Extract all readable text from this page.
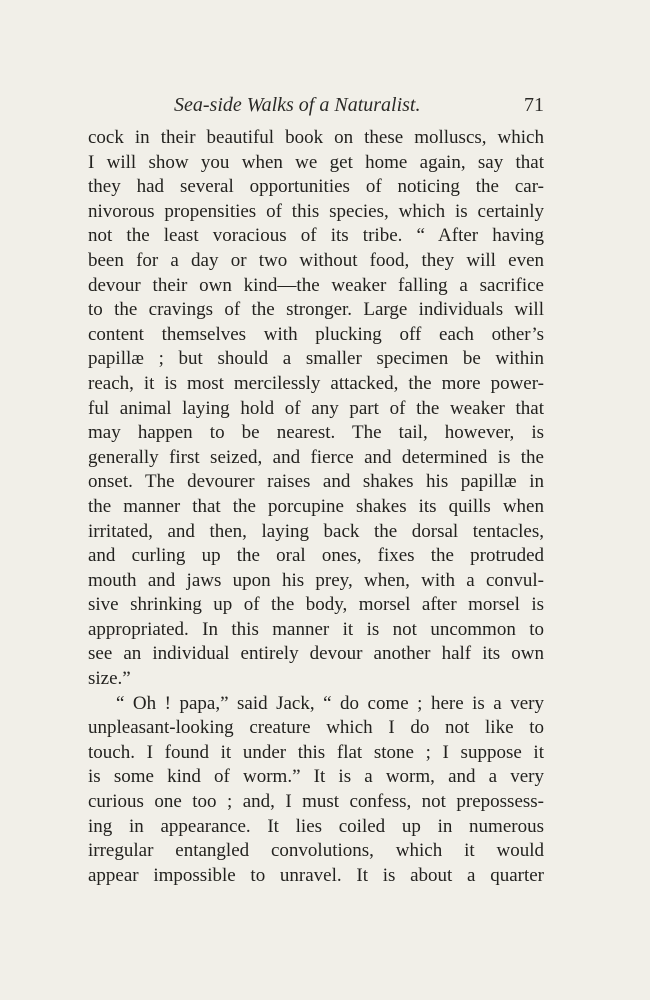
Sea-side Walks of a Naturalist.	71
cock in their beautiful book on these molluscs, which
I will show you when we get home again, say that
they had several opportunities of noticing the car-
nivorous propensities of this species, which is certainly
not the least voracious of its tribe. “ After having
been for a day or two without food, they will even
devour their own kind—the weaker falling a sacrifice
to the cravings of the stronger. Large individuals will
content themselves with plucking off each other’s
papillæ ; but should a smaller specimen be within
reach, it is most mercilessly attacked, the more power-
ful animal laying hold of any part of the weaker that
may happen to be nearest. The tail, however, is
generally first seized, and fierce and determined is the
onset. The devourer raises and shakes his papillæ in
the manner that the porcupine shakes its quills when
irritated, and then, laying back the dorsal tentacles,
and curling up the oral ones, fixes the protruded
mouth and jaws upon his prey, when, with a convul-
sive shrinking up of the body, morsel after morsel is
appropriated. In this manner it is not uncommon to
see an individual entirely devour another half its own
size.”
“ Oh ! papa,” said Jack, “ do come ; here is a very
unpleasant-looking creature which I do not like to
touch. I found it under this flat stone ; I suppose it
is some kind of worm.” It is a worm, and a very
curious one too ; and, I must confess, not prepossess-
ing in appearance. It lies coiled up in numerous
irregular entangled convolutions, which it would
appear impossible to unravel. It is about a quarter
